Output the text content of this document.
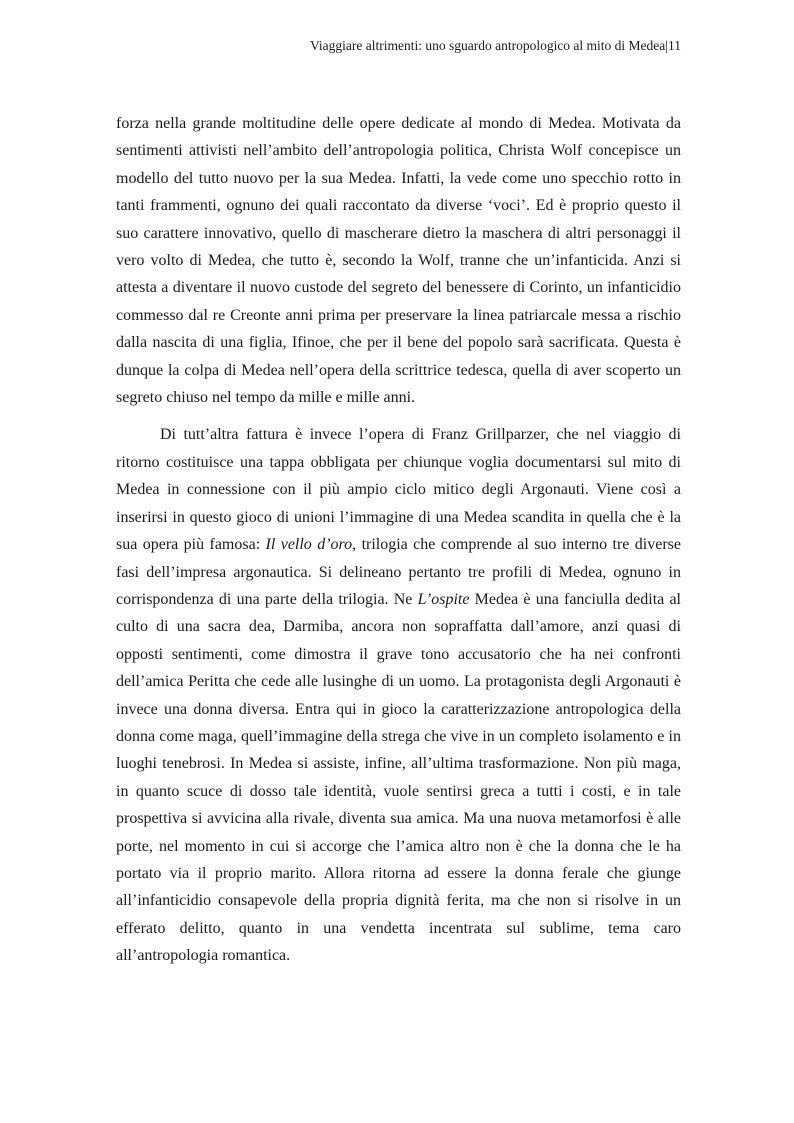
Viaggiare altrimenti: uno sguardo antropologico al mito di Medea|11

forza nella grande moltitudine delle opere dedicate al mondo di Medea. Motivata da sentimenti attivisti nell’ambito dell’antropologia politica, Christa Wolf concepisce un modello del tutto nuovo per la sua Medea. Infatti, la vede come uno specchio rotto in tanti frammenti, ognuno dei quali raccontato da diverse ‘voci’. Ed è proprio questo il suo carattere innovativo, quello di mascherare dietro la maschera di altri personaggi il vero volto di Medea, che tutto è, secondo la Wolf, tranne che un’infanticida. Anzi si attesta a diventare il nuovo custode del segreto del benessere di Corinto, un infanticidio commesso dal re Creonte anni prima per preservare la linea patriarcale messa a rischio dalla nascita di una figlia, Ifinoe, che per il bene del popolo sarà sacrificata. Questa è dunque la colpa di Medea nell’opera della scrittrice tedesca, quella di aver scoperto un segreto chiuso nel tempo da mille e mille anni.

Di tutt’altra fattura è invece l’opera di Franz Grillparzer, che nel viaggio di ritorno costituisce una tappa obbligata per chiunque voglia documentarsi sul mito di Medea in connessione con il più ampio ciclo mitico degli Argonauti. Viene così a inserirsi in questo gioco di unioni l’immagine di una Medea scandita in quella che è la sua opera più famosa: Il vello d’oro, trilogia che comprende al suo interno tre diverse fasi dell’impresa argonautica. Si delineano pertanto tre profili di Medea, ognuno in corrispondenza di una parte della trilogia. Ne L’ospite Medea è una fanciulla dedita al culto di una sacra dea, Darmiba, ancora non sopraffatta dall’amore, anzi quasi di opposti sentimenti, come dimostra il grave tono accusatorio che ha nei confronti dell’amica Peritta che cede alle lusinghe di un uomo. La protagonista degli Argonauti è invece una donna diversa. Entra qui in gioco la caratterizzazione antropologica della donna come maga, quell’immagine della strega che vive in un completo isolamento e in luoghi tenebrosi. In Medea si assiste, infine, all’ultima trasformazione. Non più maga, in quanto scuce di dosso tale identità, vuole sentirsi greca a tutti i costi, e in tale prospettiva si avvicina alla rivale, diventa sua amica. Ma una nuova metamorfosi è alle porte, nel momento in cui si accorge che l’amica altro non è che la donna che le ha portato via il proprio marito. Allora ritorna ad essere la donna ferale che giunge all’infanticidio consapevole della propria dignità ferita, ma che non si risolve in un efferato delitto, quanto in una vendetta incentrata sul sublime, tema caro all’antropologia romantica.
